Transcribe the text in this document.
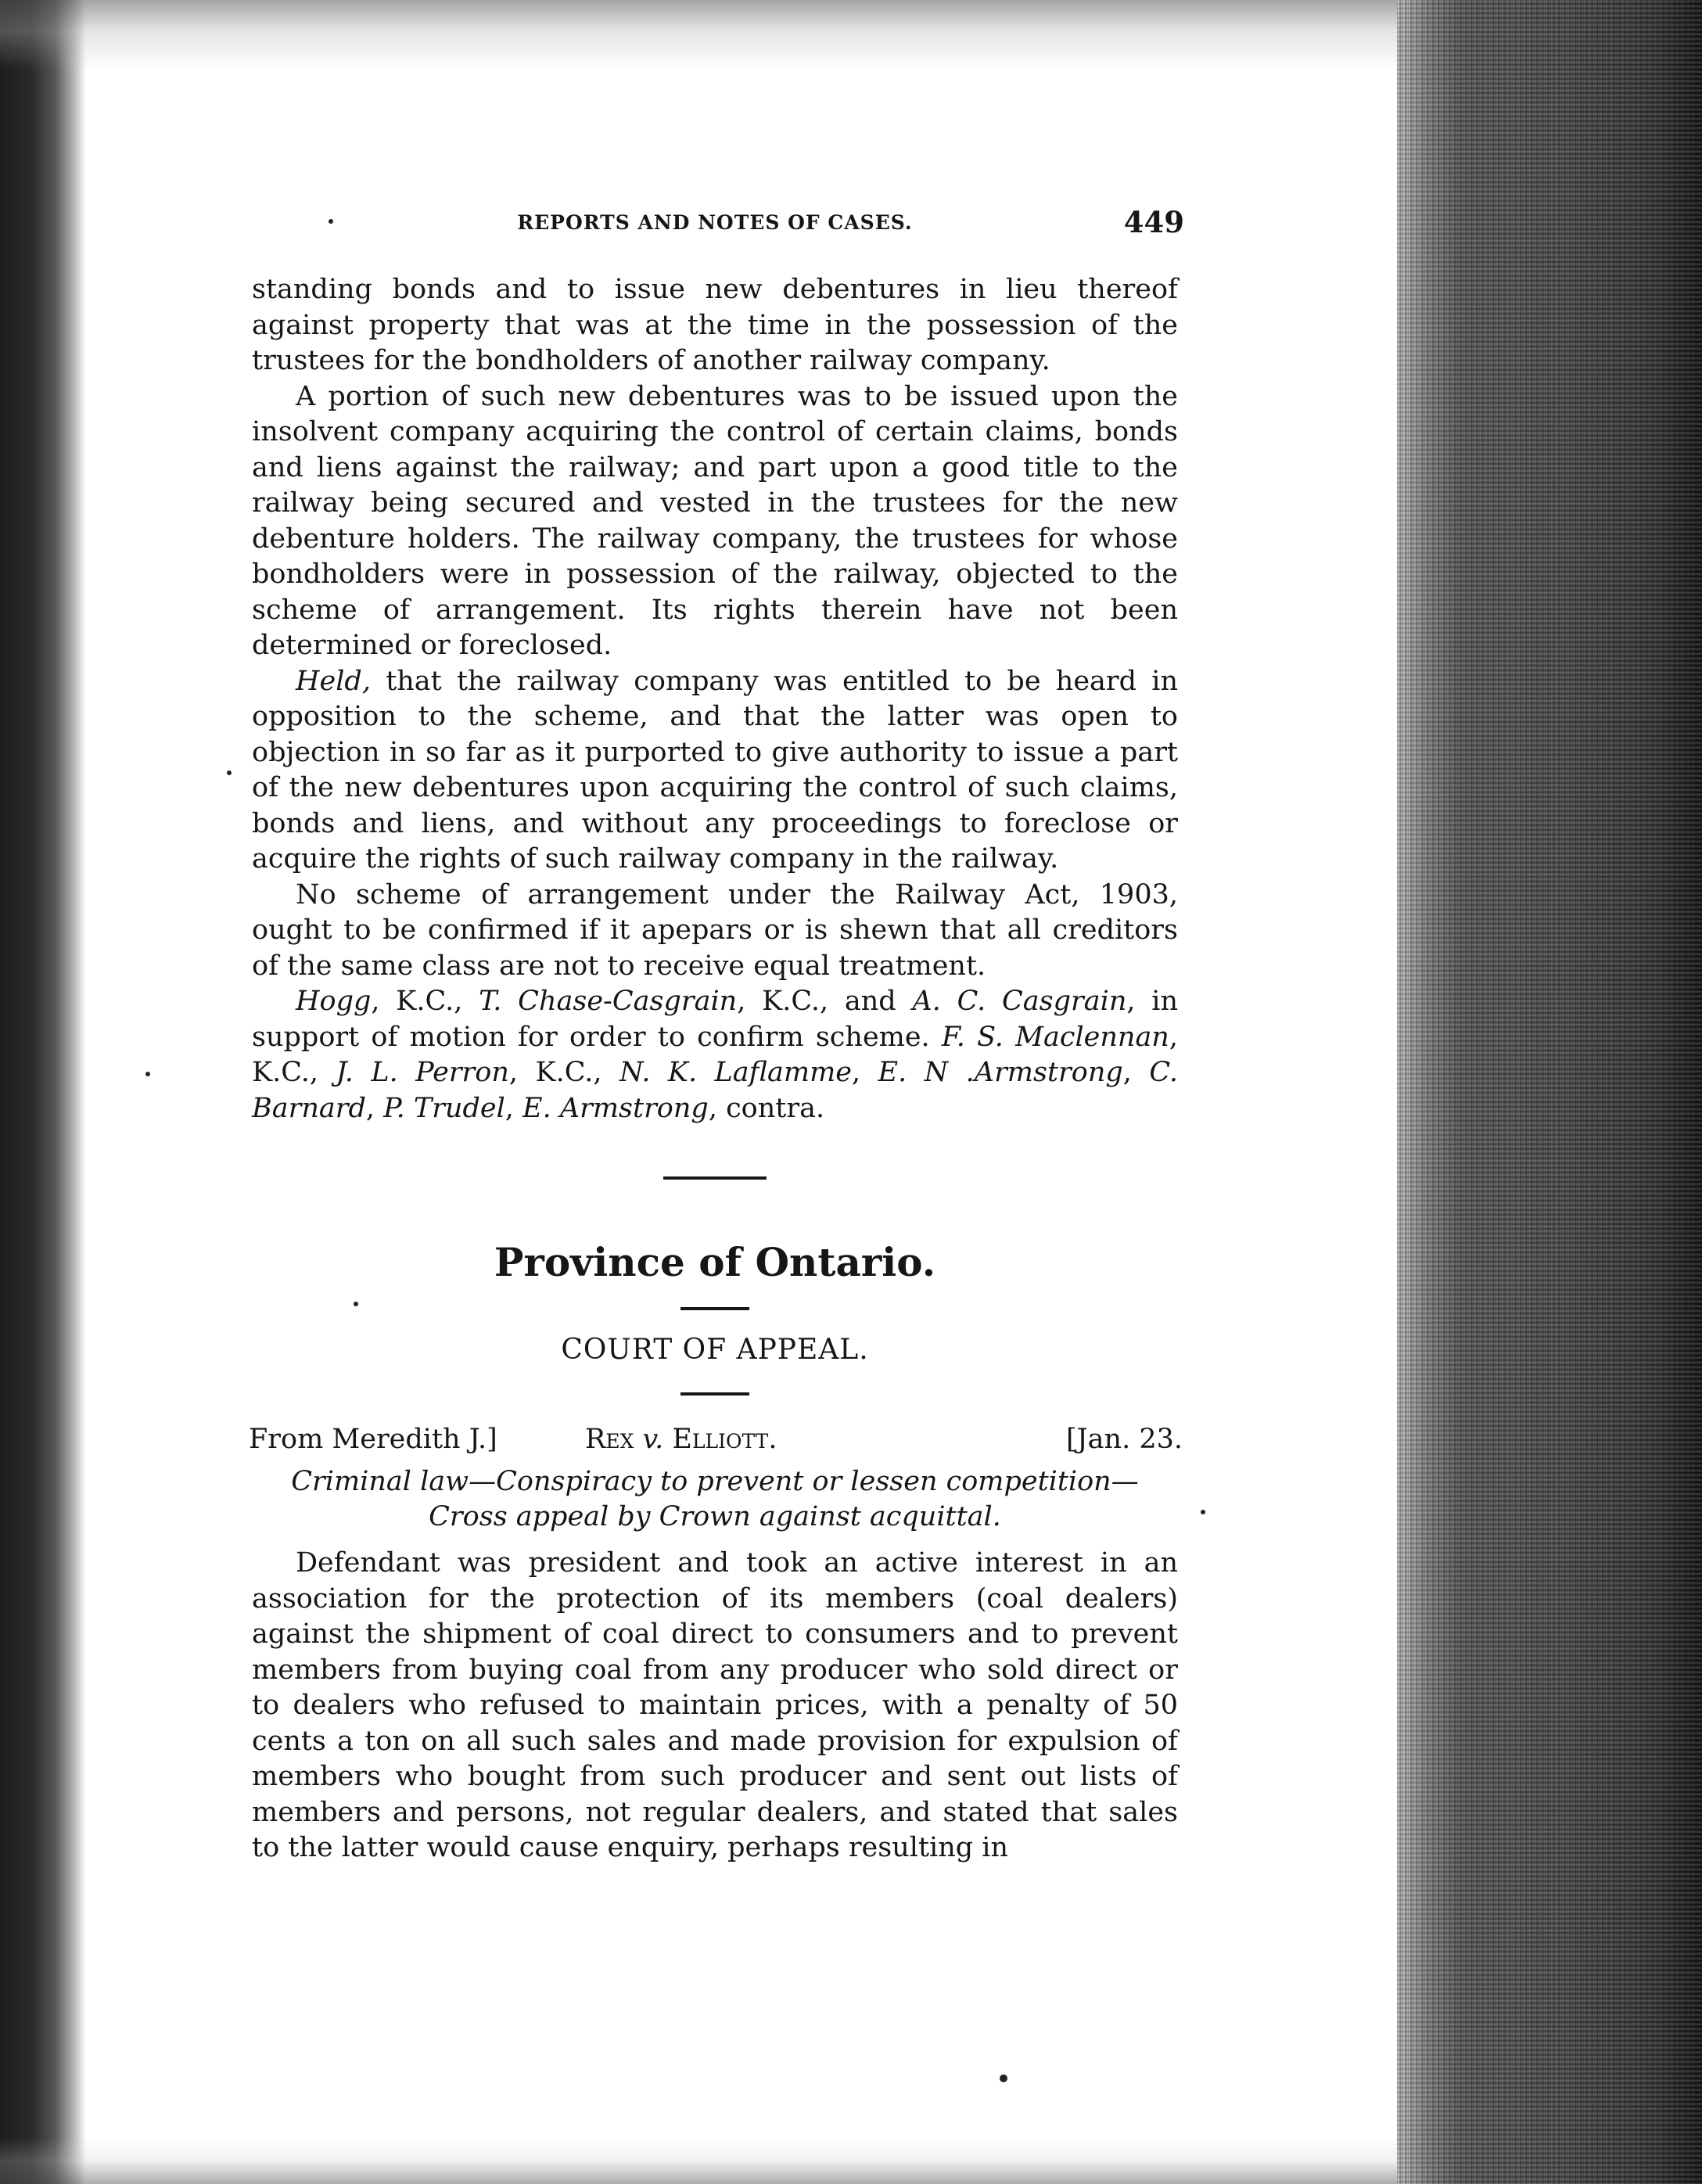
REPORTS AND NOTES OF CASES.	449

standing bonds and to issue new debentures in lieu thereof against property that was at the time in the possession of the trustees for the bondholders of another railway company.

A portion of such new debentures was to be issued upon the insolvent company acquiring the control of certain claims, bonds and liens against the railway; and part upon a good title to the railway being secured and vested in the trustees for the new debenture holders. The railway company, the trustees for whose bondholders were in possession of the railway, objected to the scheme of arrangement. Its rights therein have not been determined or foreclosed.

Held, that the railway company was entitled to be heard in opposition to the scheme, and that the latter was open to objection in so far as it purported to give authority to issue a part of the new debentures upon acquiring the control of such claims, bonds and liens, and without any proceedings to foreclose or acquire the rights of such railway company in the railway.

No scheme of arrangement under the Railway Act, 1903, ought to be confirmed if it apepars or is shewn that all creditors of the same class are not to receive equal treatment.

Hogg, K.C., T. Chase-Casgrain, K.C., and A. C. Casgrain, in support of motion for order to confirm scheme. F. S. Maclennan, K.C., J. L. Perron, K.C., N. K. Laflamme, E. N .Armstrong, C. Barnard, P. Trudel, E. Armstrong, contra.

Province of Ontario.
COURT OF APPEAL.
From Meredith J.]	Rex v. Elliott.	[Jan. 23.
Criminal law—Conspiracy to prevent or lessen competition—
Cross appeal by Crown against acquittal.

Defendant was president and took an active interest in an association for the protection of its members (coal dealers) against the shipment of coal direct to consumers and to prevent members from buying coal from any producer who sold direct or to dealers who refused to maintain prices, with a penalty of 50 cents a ton on all such sales and made provision for expulsion of members who bought from such producer and sent out lists of members and persons, not regular dealers, and stated that sales to the latter would cause enquiry, perhaps resulting in
